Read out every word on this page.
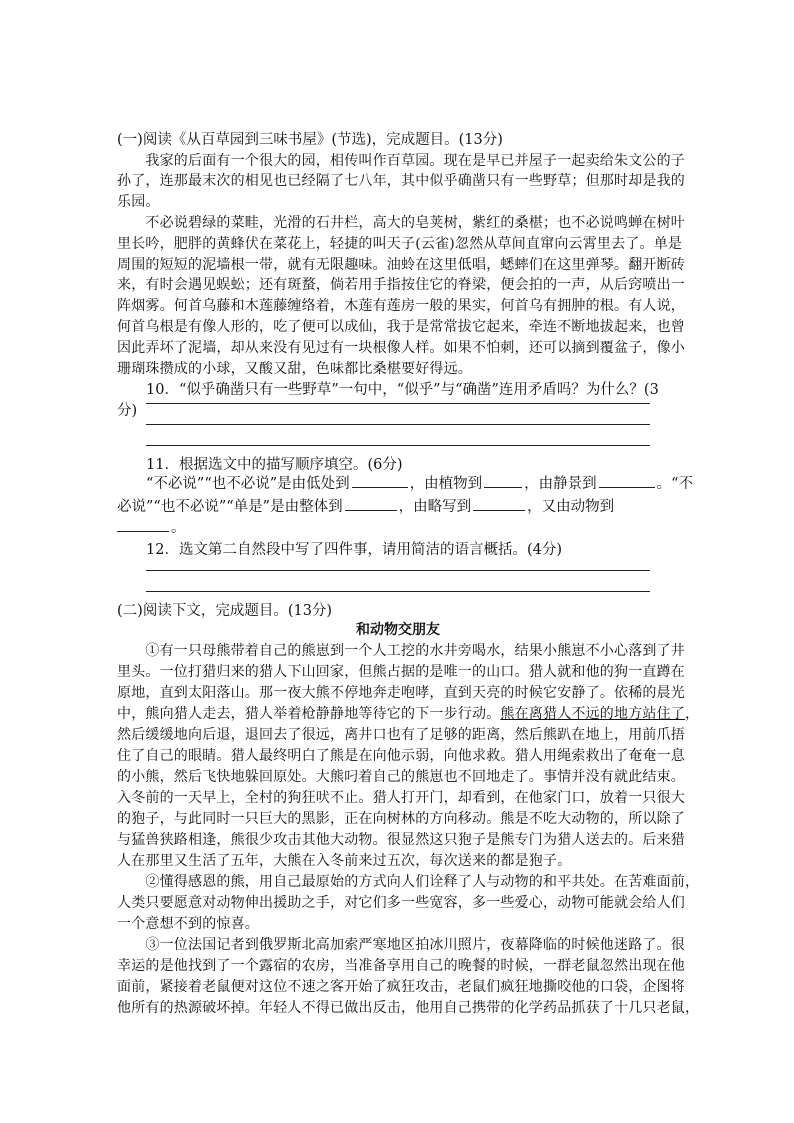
(一)阅读《从百草园到三味书屋》(节选)，完成题目。(13分)
　　我家的后面有一个很大的园，相传叫作百草园。现在是早已并屋子一起卖给朱文公的子
孙了，连那最末次的相见也已经隔了七八年，其中似乎确凿只有一些野草；但那时却是我的
乐园。
　　不必说碧绿的菜畦，光滑的石井栏，高大的皂荚树，紫红的桑椹；也不必说鸣蝉在树叶
里长吟，肥胖的黄蜂伏在菜花上，轻捷的叫天子(云雀)忽然从草间直窜向云霄里去了。单是
周围的短短的泥墙根一带，就有无限趣味。油蛉在这里低唱，蟋蟀们在这里弹琴。翻开断砖
来，有时会遇见蜈蚣；还有斑蝥，倘若用手指按住它的脊梁，便会拍的一声，从后窍喷出一
阵烟雾。何首乌藤和木莲藤缠络着，木莲有莲房一般的果实，何首乌有拥肿的根。有人说，
何首乌根是有像人形的，吃了便可以成仙，我于是常常拔它起来，牵连不断地拔起来，也曾
因此弄坏了泥墙，却从来没有见过有一块根像人样。如果不怕刺，还可以摘到覆盆子，像小
珊瑚珠攒成的小球，又酸又甜，色味都比桑椹要好得远。
　　10．“似乎确凿只有一些野草”一句中，“似乎”与“确凿”连用矛盾吗？为什么？(3
分)
　　11．根据选文中的描写顺序填空。(6分)
　　“不必说”“也不必说”是由低处到	，由植物到	，由静景到	。“不
必说”“也不必说”“单是”是由整体到	，由略写到	，又由动物到
。
　　12．选文第二自然段中写了四件事，请用简洁的语言概括。(4分)
(二)阅读下文，完成题目。(13分)
和动物交朋友
　　①有一只母熊带着自己的熊崽到一个人工挖的水井旁喝水，结果小熊崽不小心落到了井
里头。一位打猎归来的猎人下山回家，但熊占据的是唯一的山口。猎人就和他的狗一直蹲在
原地，直到太阳落山。那一夜大熊不停地奔走咆哮，直到天亮的时候它安静了。依稀的晨光
中，熊向猎人走去，猎人举着枪静静地等待它的下一步行动。熊在离猎人不远的地方站住了，
然后缓缓地向后退，退回去了很远，离井口也有了足够的距离，然后熊趴在地上，用前爪捂
住了自己的眼睛。猎人最终明白了熊是在向他示弱，向他求救。猎人用绳索救出了奄奄一息
的小熊，然后飞快地躲回原处。大熊叼着自己的熊崽也不回地走了。事情并没有就此结束。
入冬前的一天早上，全村的狗狂吠不止。猎人打开门，却看到，在他家门口，放着一只很大
的狍子，与此同时一只巨大的黑影，正在向树林的方向移动。熊是不吃大动物的，所以除了
与猛兽狭路相逢，熊很少攻击其他大动物。很显然这只狍子是熊专门为猎人送去的。后来猎
人在那里又生活了五年，大熊在入冬前来过五次，每次送来的都是狍子。
　　②懂得感恩的熊，用自己最原始的方式向人们诠释了人与动物的和平共处。在苦难面前，
人类只要愿意对动物伸出援助之手，对它们多一些宽容，多一些爱心，动物可能就会给人们
一个意想不到的惊喜。
　　③一位法国记者到俄罗斯北高加索严寒地区拍冰川照片，夜幕降临的时候他迷路了。很
幸运的是他找到了一个露宿的农房，当准备享用自己的晚餐的时候，一群老鼠忽然出现在他
面前，紧接着老鼠便对这位不速之客开始了疯狂攻击，老鼠们疯狂地撕咬他的口袋，企图将
他所有的热源破坏掉。年轻人不得已做出反击，他用自己携带的化学药品抓获了十几只老鼠，
